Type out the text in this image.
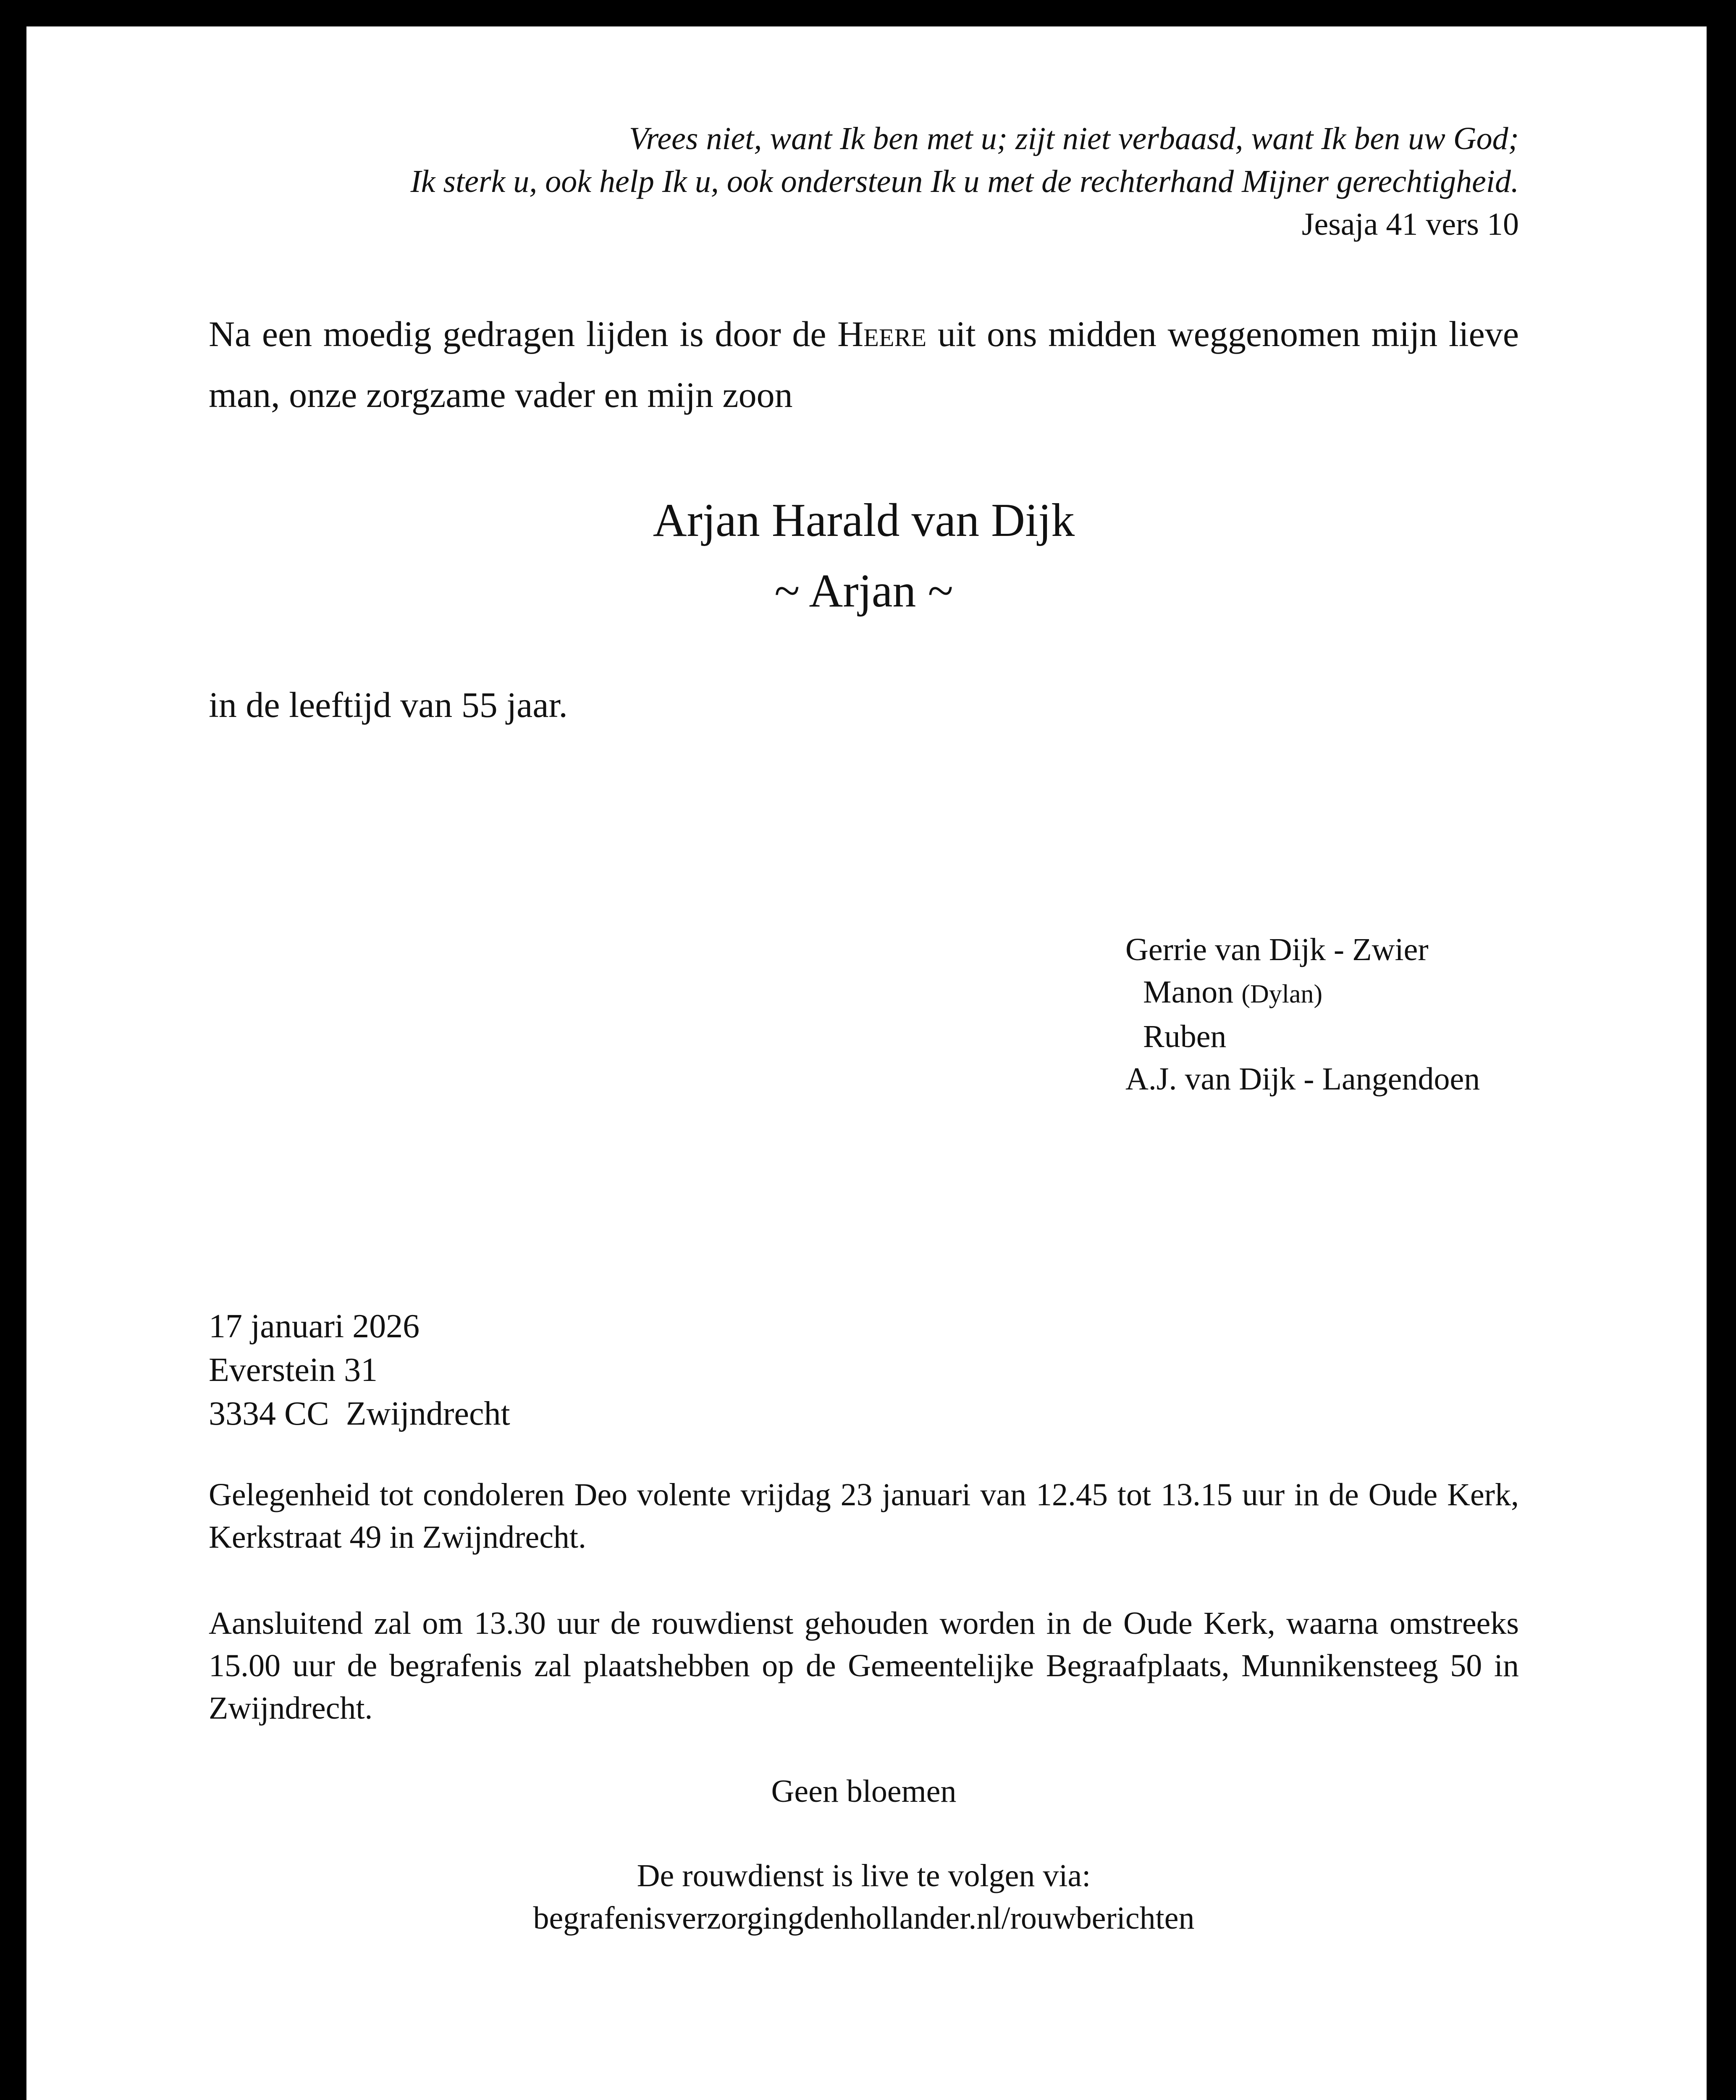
Vrees niet, want Ik ben met u; zijt niet verbaasd, want Ik ben uw God;
Ik sterk u, ook help Ik u, ook ondersteun Ik u met de rechterhand Mijner gerechtigheid.
Jesaja 41 vers 10
Na een moedig gedragen lijden is door de Heere uit ons midden weggenomen mijn lieve man, onze zorgzame vader en mijn zoon
Arjan Harald van Dijk
~ Arjan ~
in de leeftijd van 55 jaar.
Gerrie van Dijk - Zwier
Manon (Dylan)
Ruben
A.J. van Dijk - Langendoen
17 januari 2026
Everstein 31
3334 CC  Zwijndrecht
Gelegenheid tot condoleren Deo volente vrijdag 23 januari van 12.45 tot 13.15 uur in de Oude Kerk, Kerkstraat 49 in Zwijndrecht.
Aansluitend zal om 13.30 uur de rouwdienst gehouden worden in de Oude Kerk, waarna omstreeks 15.00 uur de begrafenis zal plaatshebben op de Gemeentelijke Begraafplaats, Munnikensteeg 50 in Zwijndrecht.
Geen bloemen
De rouwdienst is live te volgen via:
begrafenisverzorgingdenhollander.nl/rouwberichten
